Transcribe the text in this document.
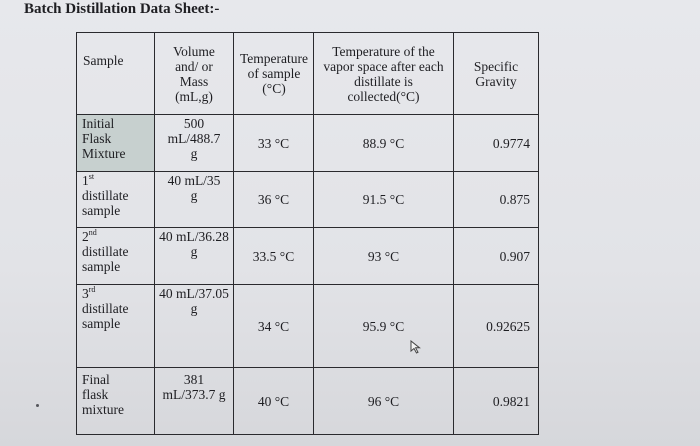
Batch Distillation Data Sheet:-
Sample	Volume and/ or Mass (mL,g)	Temperature of sample (°C)	Temperature of the vapor space after each distillate is collected(°C)	Specific Gravity

Initial Flask Mixture	500 mL/488.7 g	33 °C	88.9 °C	0.9774

1st
distillate sample	40 mL/35 g	36 °C	91.5 °C	0.875

2nd
distillate sample	40 mL/36.28 g	33.5 °C	93 °C	0.907

3rd
distillate sample	40 mL/37.05 g	34 °C	95.9 °C	0.92625

Final flask mixture	381 mL/373.7 g	40 °C	96 °C	0.9821
